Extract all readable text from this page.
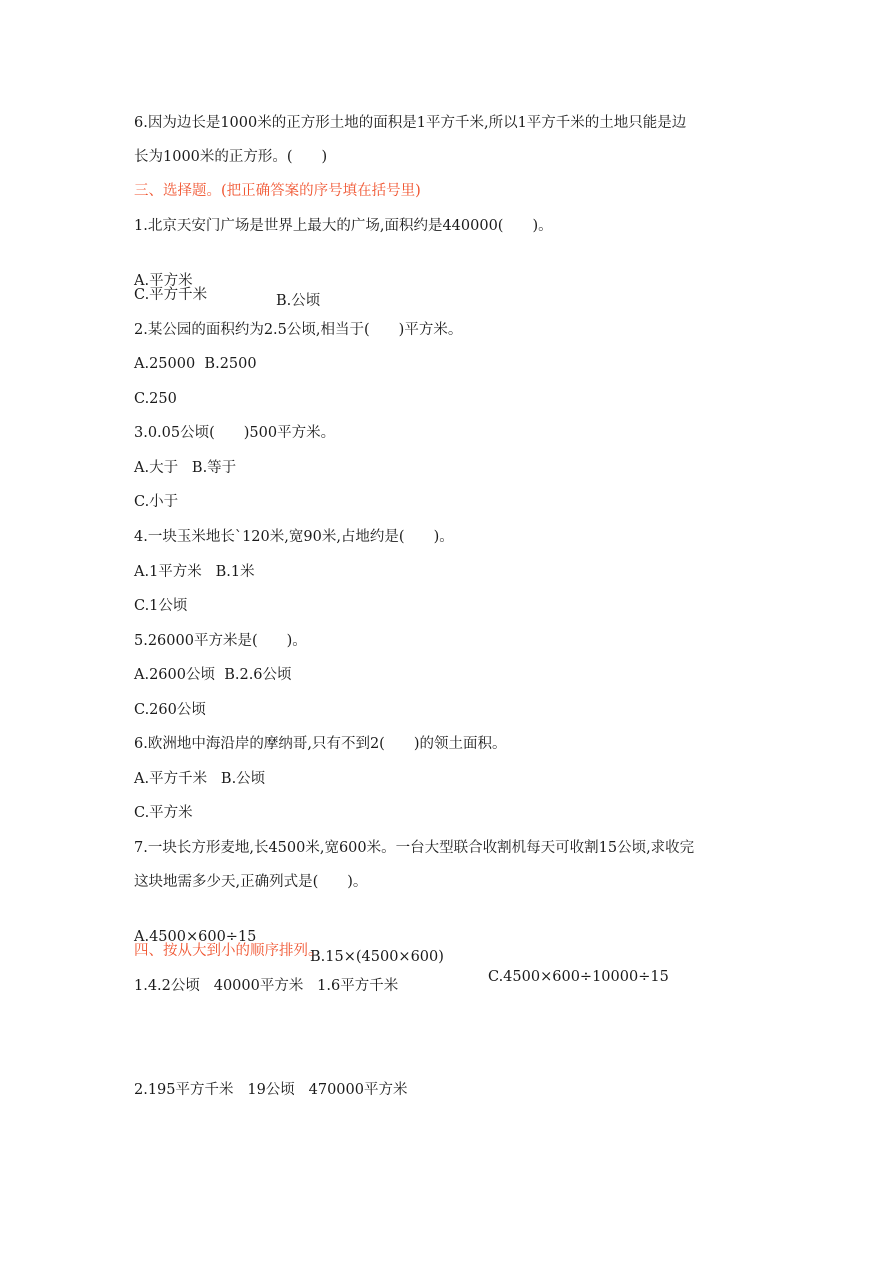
6.因为边长是1000米的正方形土地的面积是1平方千米,所以1平方千米的土地只能是边
长为1000米的正方形。(　　)
三、选择题。(把正确答案的序号填在括号里)
1.北京天安门广场是世界上最大的广场,面积约是440000(　　)。

A.平方米

B.公顷

C.平方千米
2.某公园的面积约为2.5公顷,相当于(　　)平方米。
A.25000  B.2500
C.250
3.0.05公顷(　　)500平方米。
A.大于   B.等于
C.小于
4.一块玉米地长`120米,宽90米,占地约是(　　)。
A.1平方米   B.1米
C.1公顷
5.26000平方米是(　　)。
A.2600公顷  B.2.6公顷
C.260公顷
6.欧洲地中海沿岸的摩纳哥,只有不到2(　　)的领土面积。
A.平方千米   B.公顷
C.平方米
7.一块长方形麦地,长4500米,宽600米。一台大型联合收割机每天可收割15公顷,求收完
这块地需多少天,正确列式是(　　)。

A.4500×600÷15

B.15×(4500×600)

C.4500×600÷10000÷15

四、按从大到小的顺序排列。
1.4.2公顷   40000平方米   1.6平方千米
2.195平方千米   19公顷   470000平方米
